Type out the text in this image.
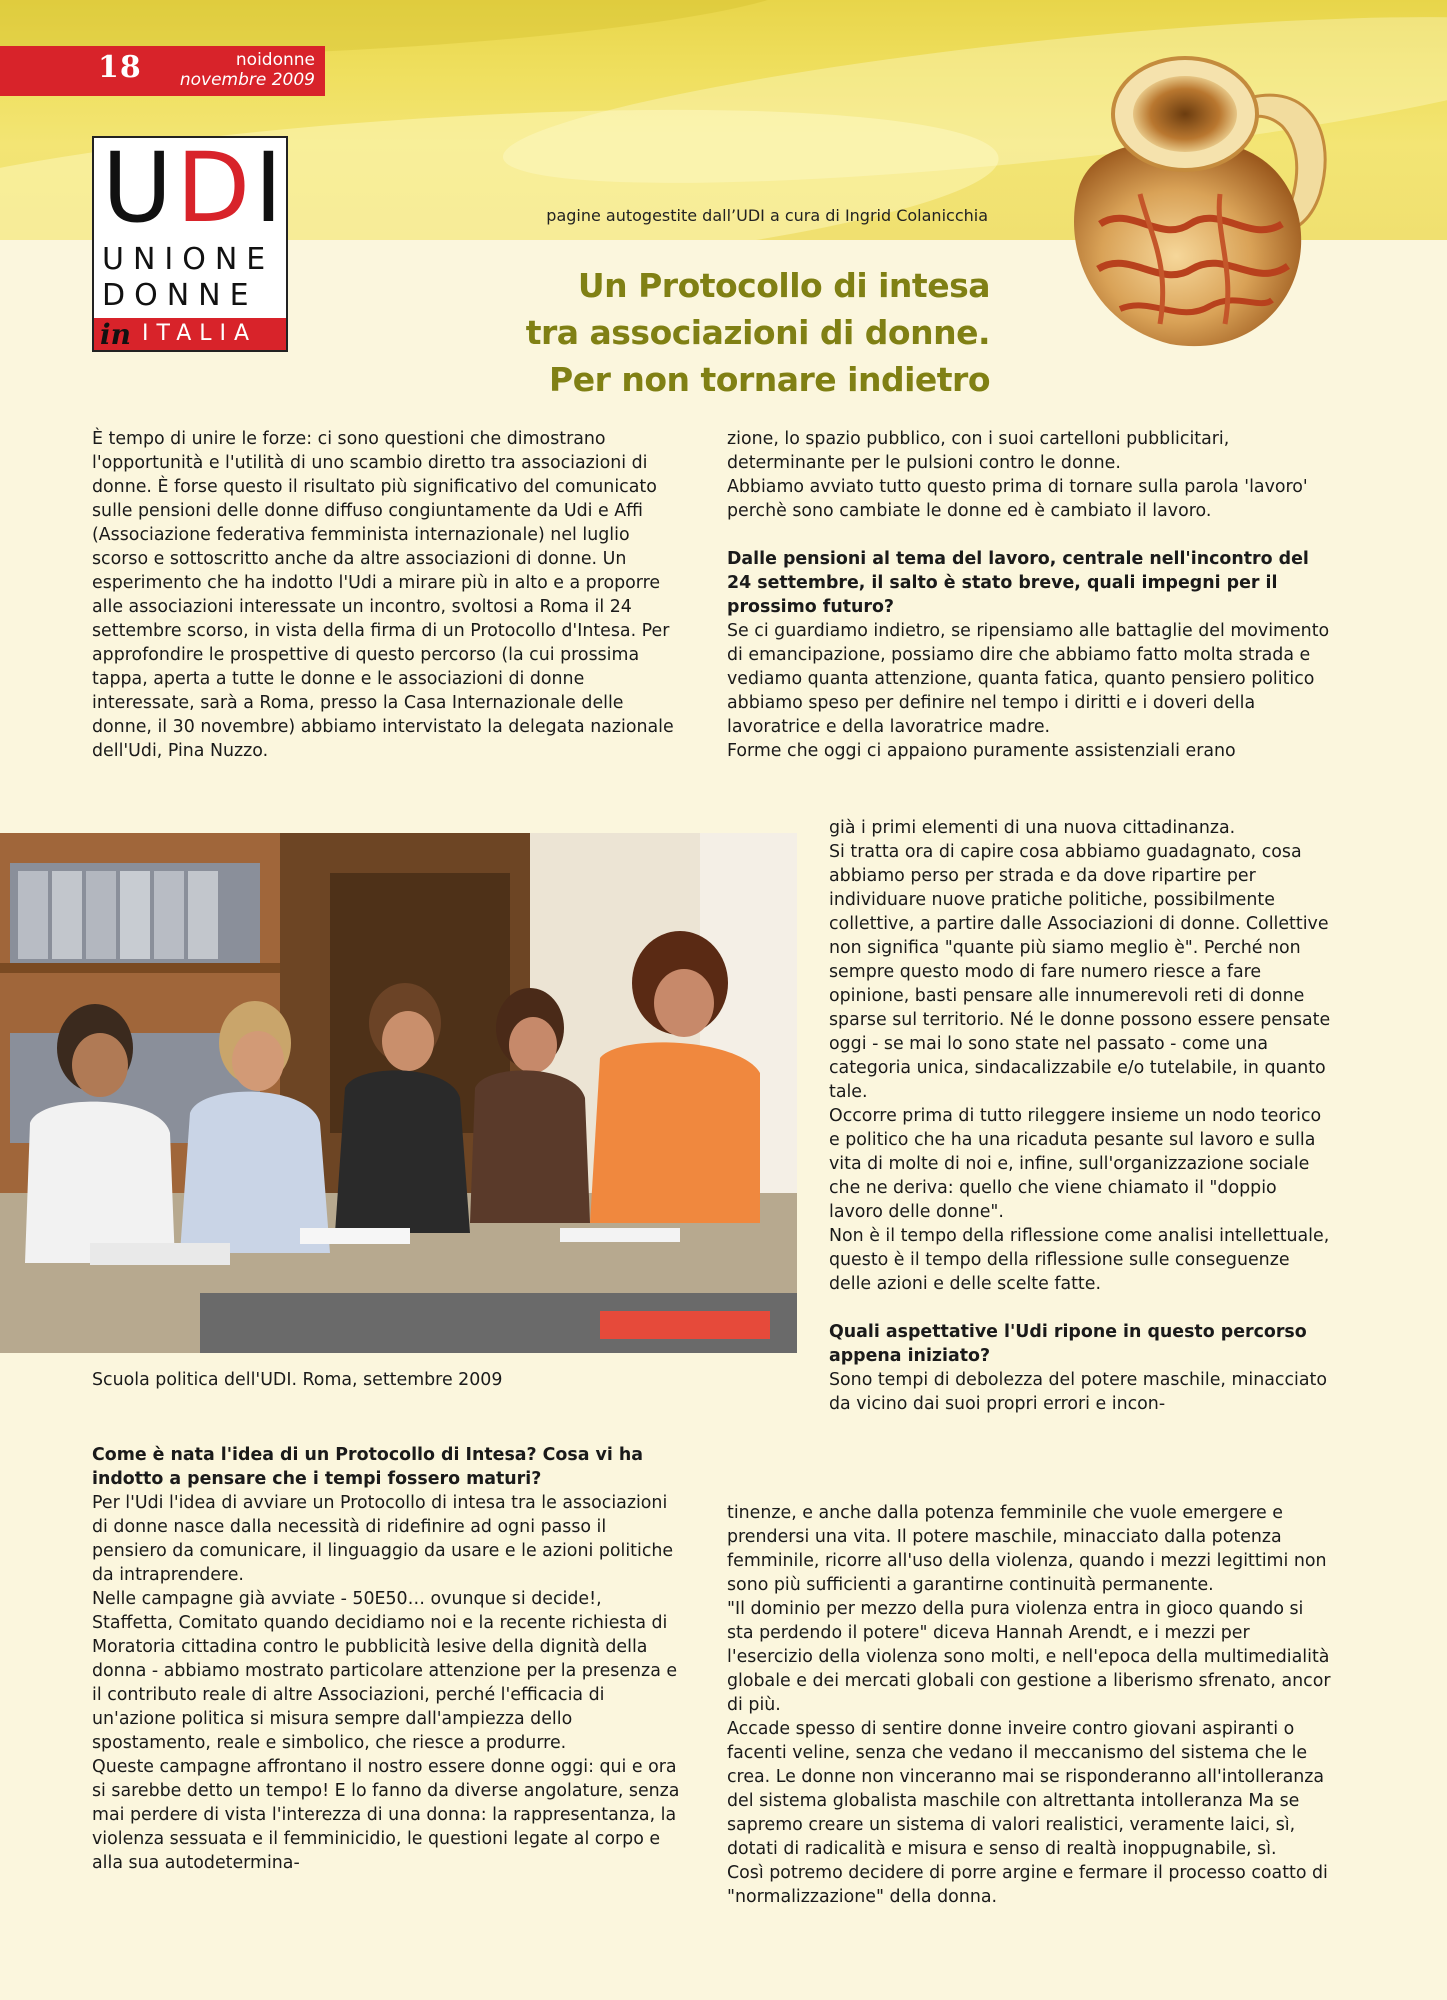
18	noidonne
novembre 2009
UDI
UNIONE
DONNE
in ITALIA
pagine autogestite dall’UDI a cura di Ingrid Colanicchia
Un Protocollo di intesa
tra associazioni di donne.
Per non tornare indietro

È tempo di unire le forze: ci sono questioni che dimostrano l'opportunità e l'utilità di uno scambio diretto tra associazioni di donne. È forse questo il risultato più significativo del comunicato sulle pensioni delle donne diffuso congiuntamente da Udi e Affi (Associazione federativa femminista internazionale) nel luglio scorso e sottoscritto anche da altre associazioni di donne. Un esperimento che ha indotto l'Udi a mirare più in alto e a proporre alle associazioni interessate un incontro, svoltosi a Roma il 24 settembre scorso, in vista della firma di un Protocollo d'Intesa. Per approfondire le prospettive di questo percorso (la cui prossima tappa, aperta a tutte le donne e le associazioni di donne interessate, sarà a Roma, presso la Casa Internazionale delle donne, il 30 novembre) abbiamo intervistato la delegata nazionale dell'Udi, Pina Nuzzo.

Scuola politica dell'UDI. Roma, settembre 2009

Come è nata l'idea di un Protocollo di Intesa? Cosa vi ha indotto a pensare che i tempi fossero maturi?

Per l'Udi l'idea di avviare un Protocollo di intesa tra le associazioni di donne nasce dalla necessità di ridefinire ad ogni passo il pensiero da comunicare, il linguaggio da usare e le azioni politiche da intraprendere.

Nelle campagne già avviate - 50E50… ovunque si decide!, Staffetta, Comitato quando decidiamo noi e la recente richiesta di Moratoria cittadina contro le pubblicità lesive della dignità della donna - abbiamo mostrato particolare attenzione per la presenza e il contributo reale di altre Associazioni, perché l'efficacia di un'azione politica si misura sempre dall'ampiezza dello spostamento, reale e simbolico, che riesce a produrre.

Queste campagne affrontano il nostro essere donne oggi: qui e ora si sarebbe detto un tempo! E lo fanno da diverse angolature, senza mai perdere di vista l'interezza di una donna: la rappresentanza, la violenza sessuata e il femminicidio, le questioni legate al corpo e alla sua autodetermina-

zione, lo spazio pubblico, con i suoi cartelloni pubblicitari, determinante per le pulsioni contro le donne.

Abbiamo avviato tutto questo prima di tornare sulla parola 'lavoro' perchè sono cambiate le donne ed è cambiato il lavoro.

Dalle pensioni al tema del lavoro, centrale nell'incontro del 24 settembre, il salto è stato breve, quali impegni per il prossimo futuro?

Se ci guardiamo indietro, se ripensiamo alle battaglie del movimento di emancipazione, possiamo dire che abbiamo fatto molta strada e vediamo quanta attenzione, quanta fatica, quanto pensiero politico abbiamo speso per definire nel tempo i diritti e i doveri della lavoratrice e della lavoratrice madre.

Forme che oggi ci appaiono puramente assistenziali erano

già i primi elementi di una nuova cittadinanza.

Si tratta ora di capire cosa abbiamo guadagnato, cosa abbiamo perso per strada e da dove ripartire per individuare nuove pratiche politiche, possibilmente collettive, a partire dalle Associazioni di donne. Collettive non significa "quante più siamo meglio è". Perché non sempre questo modo di fare numero riesce a fare opinione, basti pensare alle innumerevoli reti di donne sparse sul territorio. Né le donne possono essere pensate oggi - se mai lo sono state nel passato - come una categoria unica, sindacalizzabile e/o tutelabile, in quanto tale.

Occorre prima di tutto rileggere insieme un nodo teorico e politico che ha una ricaduta pesante sul lavoro e sulla vita di molte di noi e, infine, sull'organizzazione sociale che ne deriva: quello che viene chiamato il "doppio lavoro delle donne".

Non è il tempo della riflessione come analisi intellettuale, questo è il tempo della riflessione sulle conseguenze delle azioni e delle scelte fatte.

Quali aspettative l'Udi ripone in questo percorso appena iniziato?

Sono tempi di debolezza del potere maschile, minacciato da vicino dai suoi propri errori e incon-

tinenze, e anche dalla potenza femminile che vuole emergere e prendersi una vita. Il potere maschile, minacciato dalla potenza femminile, ricorre all'uso della violenza, quando i mezzi legittimi non sono più sufficienti a garantirne continuità permanente.

"Il dominio per mezzo della pura violenza entra in gioco quando si sta perdendo il potere" diceva Hannah Arendt, e i mezzi per l'esercizio della violenza sono molti, e nell'epoca della multimedialità globale e dei mercati globali con gestione a liberismo sfrenato, ancor di più.

Accade spesso di sentire donne inveire contro giovani aspiranti o facenti veline, senza che vedano il meccanismo del sistema che le crea. Le donne non vinceranno mai se risponderanno all'intolleranza del sistema globalista maschile con altrettanta intolleranza Ma se sapremo creare un sistema di valori realistici, veramente laici, sì, dotati di radicalità e misura e senso di realtà inoppugnabile, sì.

Così potremo decidere di porre argine e fermare il processo coatto di "normalizzazione" della donna.
